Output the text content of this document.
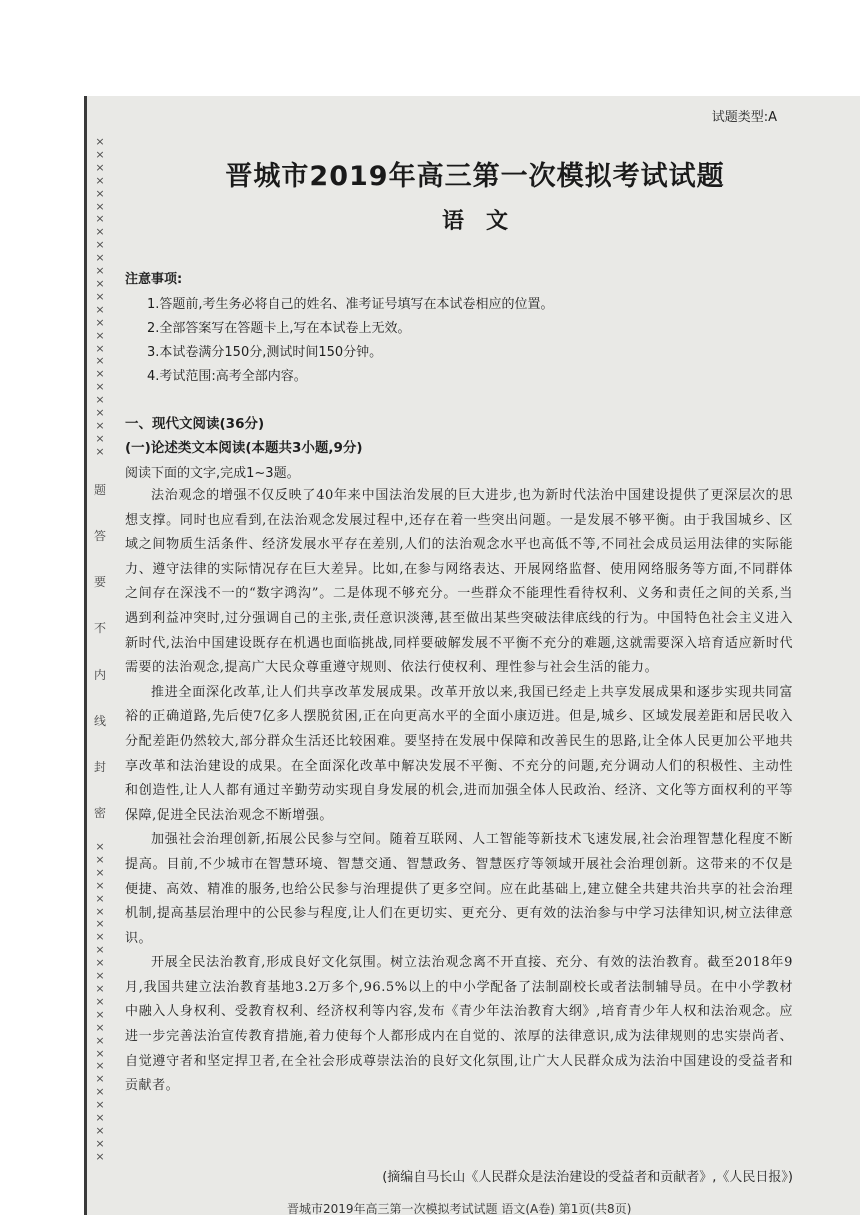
×
×
×
×
×
×
×
×
×
×
×
×
×
×
×
×
×
×
×
×
×
×
×
×
×
题
答
要
不
内
线
封
密
×
×
×
×
×
×
×
×
×
×
×
×
×
×
×
×
×
×
×
×
×
×
×
×
×
试题类型:A
晋城市2019年高三第一次模拟考试试题
语文
注意事项:
1.答题前,考生务必将自己的姓名、准考证号填写在本试卷相应的位置。
2.全部答案写在答题卡上,写在本试卷上无效。
3.本试卷满分150分,测试时间150分钟。
4.考试范围:高考全部内容。
一、现代文阅读(36分)
(一)论述类文本阅读(本题共3小题,9分)
阅读下面的文字,完成1~3题。

法治观念的增强不仅反映了40年来中国法治发展的巨大进步,也为新时代法治中国建设提供了更深层次的思想支撑。同时也应看到,在法治观念发展过程中,还存在着一些突出问题。一是发展不够平衡。由于我国城乡、区域之间物质生活条件、经济发展水平存在差别,人们的法治观念水平也高低不等,不同社会成员运用法律的实际能力、遵守法律的实际情况存在巨大差异。比如,在参与网络表达、开展网络监督、使用网络服务等方面,不同群体之间存在深浅不一的“数字鸿沟”。二是体现不够充分。一些群众不能理性看待权利、义务和责任之间的关系,当遇到利益冲突时,过分强调自己的主张,责任意识淡薄,甚至做出某些突破法律底线的行为。中国特色社会主义进入新时代,法治中国建设既存在机遇也面临挑战,同样要破解发展不平衡不充分的难题,这就需要深入培育适应新时代需要的法治观念,提高广大民众尊重遵守规则、依法行使权利、理性参与社会生活的能力。

推进全面深化改革,让人们共享改革发展成果。改革开放以来,我国已经走上共享发展成果和逐步实现共同富裕的正确道路,先后使7亿多人摆脱贫困,正在向更高水平的全面小康迈进。但是,城乡、区域发展差距和居民收入分配差距仍然较大,部分群众生活还比较困难。要坚持在发展中保障和改善民生的思路,让全体人民更加公平地共享改革和法治建设的成果。在全面深化改革中解决发展不平衡、不充分的问题,充分调动人们的积极性、主动性和创造性,让人人都有通过辛勤劳动实现自身发展的机会,进而加强全体人民政治、经济、文化等方面权利的平等保障,促进全民法治观念不断增强。

加强社会治理创新,拓展公民参与空间。随着互联网、人工智能等新技术飞速发展,社会治理智慧化程度不断提高。目前,不少城市在智慧环境、智慧交通、智慧政务、智慧医疗等领域开展社会治理创新。这带来的不仅是便捷、高效、精准的服务,也给公民参与治理提供了更多空间。应在此基础上,建立健全共建共治共享的社会治理机制,提高基层治理中的公民参与程度,让人们在更切实、更充分、更有效的法治参与中学习法律知识,树立法律意识。

开展全民法治教育,形成良好文化氛围。树立法治观念离不开直接、充分、有效的法治教育。截至2018年9月,我国共建立法治教育基地3.2万多个,96.5%以上的中小学配备了法制副校长或者法制辅导员。在中小学教材中融入人身权利、受教育权利、经济权利等内容,发布《青少年法治教育大纲》,培育青少年人权和法治观念。应进一步完善法治宣传教育措施,着力使每个人都形成内在自觉的、浓厚的法律意识,成为法律规则的忠实崇尚者、自觉遵守者和坚定捍卫者,在全社会形成尊崇法治的良好文化氛围,让广大人民群众成为法治中国建设的受益者和贡献者。

(摘编自马长山《人民群众是法治建设的受益者和贡献者》,《人民日报》)
晋城市2019年高三第一次模拟考试试题 语文(A卷) 第1页(共8页)
